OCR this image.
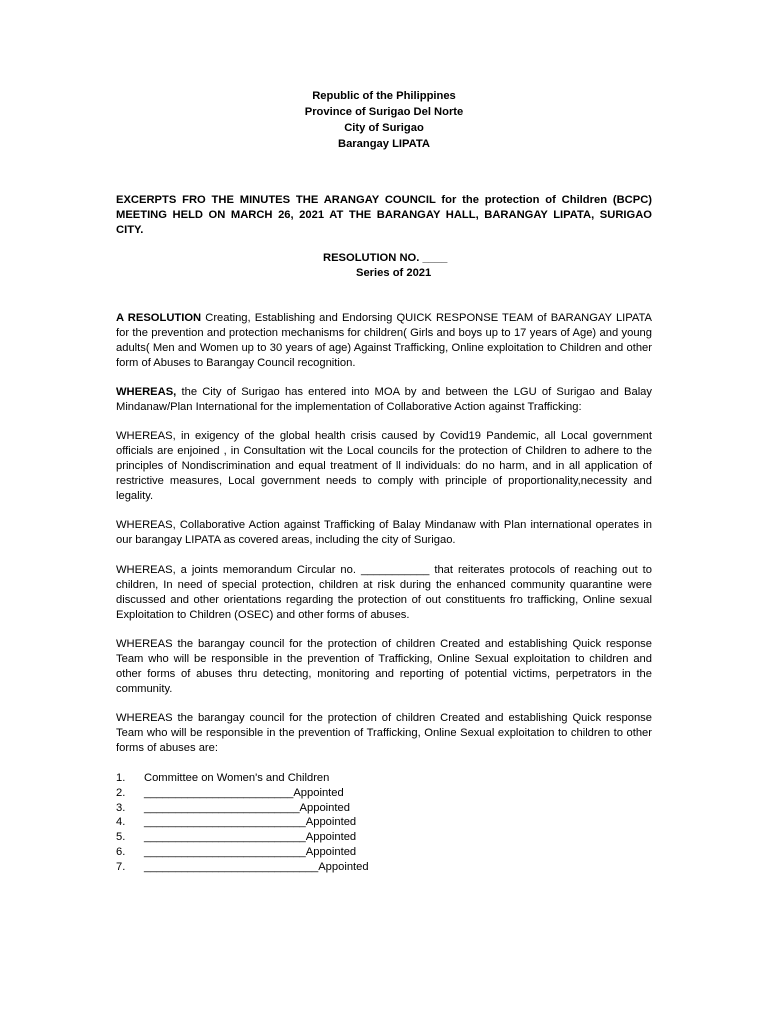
Republic of the Philippines
Province of Surigao Del Norte
City of Surigao
Barangay LIPATA
EXCERPTS FRO THE MINUTES THE ARANGAY COUNCIL for the protection of Children (BCPC) MEETING HELD ON MARCH 26, 2021 AT THE BARANGAY HALL, BARANGAY LIPATA, SURIGAO CITY.
RESOLUTION NO. ____
Series of 2021

A RESOLUTION Creating, Establishing and Endorsing QUICK RESPONSE TEAM of BARANGAY LIPATA for the prevention and protection mechanisms for children( Girls and boys up to 17 years of Age) and young adults( Men and Women up to 30 years of age) Against Trafficking, Online exploitation to Children and other form of Abuses to Barangay Council recognition.

WHEREAS, the City of Surigao has entered into MOA by and between the LGU of Surigao and Balay Mindanaw/Plan International for the implementation of Collaborative Action against Trafficking:

WHEREAS, in exigency of the global health crisis caused by Covid19 Pandemic, all Local government officials are enjoined , in Consultation wit the Local councils for the protection of Children to adhere to the principles of Nondiscrimination and equal treatment of ll individuals: do no harm, and in all application of restrictive measures, Local government needs to comply with principle of proportionality,necessity and legality.

WHEREAS, Collaborative Action against Trafficking of Balay Mindanaw with Plan international operates in our barangay LIPATA as covered areas, including the city of Surigao.

WHEREAS, a joints memorandum Circular no. ___________ that reiterates protocols of reaching out to children, In need of special protection, children at risk during the enhanced community quarantine were discussed and other orientations regarding the protection of out constituents fro trafficking, Online sexual Exploitation to Children (OSEC) and other forms of abuses.

WHEREAS the barangay council for the protection of children Created and establishing Quick response Team who will be responsible in the prevention of Trafficking, Online Sexual exploitation to children and other forms of abuses thru detecting, monitoring and reporting of potential victims, perpetrators in the community.

WHEREAS the barangay council for the protection of children Created and establishing Quick response Team who will be responsible in the prevention of Trafficking, Online Sexual exploitation to children to other forms of abuses are:

1.	Committee on Women's and Children
2.	________________________Appointed
3.	_________________________Appointed
4.	__________________________Appointed
5.	__________________________Appointed
6.	__________________________Appointed
7.	____________________________Appointed
